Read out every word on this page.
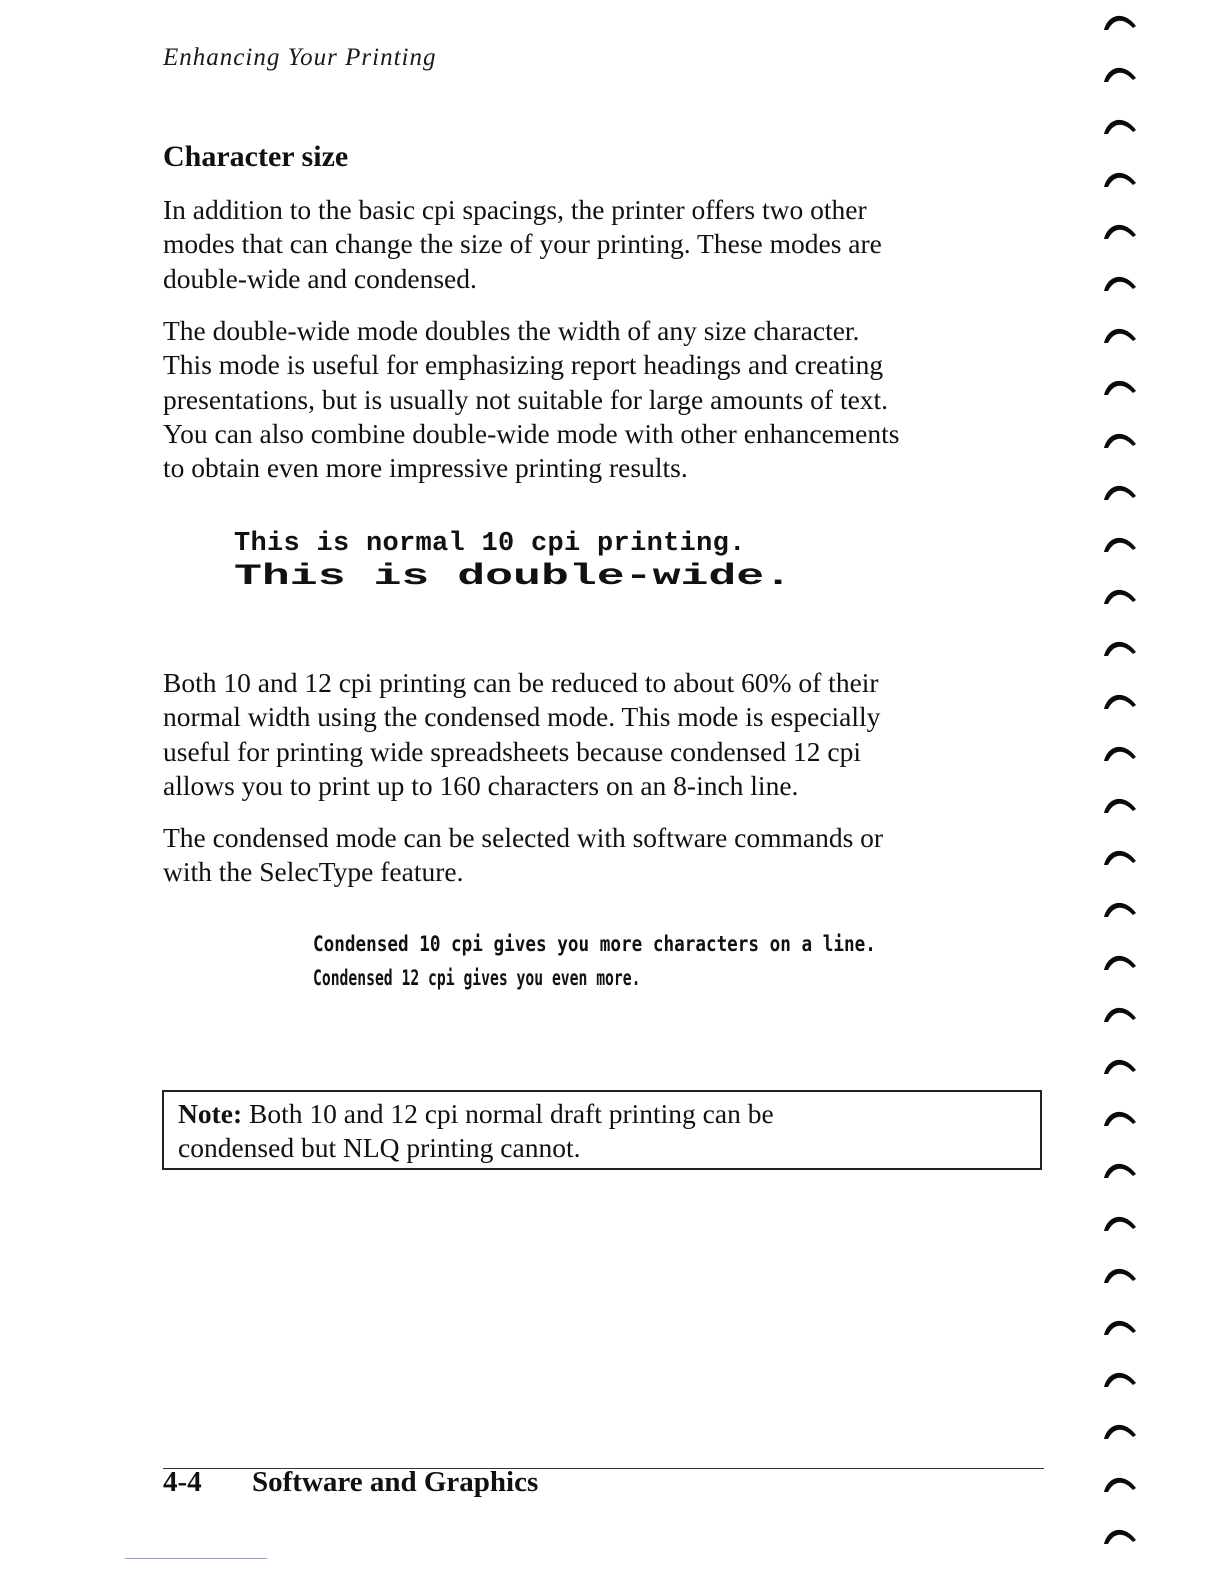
Enhancing Your Printing
Character size

In addition to the basic cpi spacings, the printer offers two other
modes that can change the size of your printing. These modes are
double-wide and condensed.

The double-wide mode doubles the width of any size character.
This mode is useful for emphasizing report headings and creating
presentations, but is usually not suitable for large amounts of text.
You can also combine double-wide mode with other enhancements
to obtain even more impressive printing results.

This is normal 10 cpi printing.
This is double-wide.

Both 10 and 12 cpi printing can be reduced to about 60% of their
normal width using the condensed mode. This mode is especially
useful for printing wide spreadsheets because condensed 12 cpi
allows you to print up to 160 characters on an 8-inch line.

The condensed mode can be selected with software commands or
with the SelecType feature.

Condensed 10 cpi gives you more characters on a line.
Condensed 12 cpi gives you even more.

Note: Both 10 and 12 cpi normal draft printing can be
condensed but NLQ printing cannot.

4-4 Software and Graphics
